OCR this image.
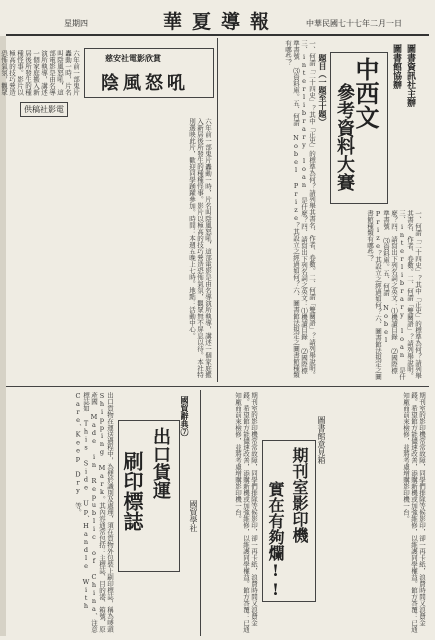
星期四	華夏導報	中華民國七十七年二月一日
圖書資訊社主辦
圖書館協辦
中西文
參考資料大賽
題目（一題至十題）
一、何謂「二十四史」？其中「正史」的標準為何？請列舉其書名、作者、卷數。二、何謂「雙關語」？請列舉說明。三、interlibrary loan 是什麼？四、請寫出下列名詞之英文：⑴機讀目錄 ⑵國際標準書號 ⑶資料庫。五、何謂 Nobel Prize？其設立之經過如何？六、圖書館法規定之圖書館種類有哪些？
一、何謂「二十四史」？其中「正史」的標準為何？請列舉其書名、作者、卷數。二、何謂「雙關語」？請列舉說明。三、interlibrary loan 是什麼？四、請寫出下列名詞之英文：⑴機讀目錄 ⑵國際標準書號 ⑶資料庫。五、何謂 Nobel Prize？其設立之經過如何？六、圖書館法規定之圖書館種類有哪些？
陰風怒吼
慈安社電影欣賞
供稿社影電
六年前一部鬼片轟動一時，片名叫陰風怒吼，這部電影是由名導演所執導，講述一個家庭搬入新居後所發生的種種怪事。影片以極高的技巧營造恐怖氣氛，觀眾無不屏息以待。本社特別選映此片，歡迎同學踴躍參加。時間：本週五晚上七時。地點：活動中心。
六年前一部鬼片轟動一時，片名叫陰風怒吼，這部電影是由名導演所執導，講述一個家庭搬入新居後所發生的種種怪事。影片以極高的技巧營造恐怖氣氛，觀眾
國貿辭典⑦
出口貨運
刷印標誌	國貿學社
出口貨物在運送過程中，為便於識別及處理，須在貨物外包裝上刷印標誌，稱為嘜頭 Shipping Mark。其內容通常包括：主標誌、目的港、箱號、原產國 Made in Republic of China、注意標誌如 This Side Up、Handle With Care、Keep Dry 等。	圖書館意見箱
期刊室影印機
實在有夠爛!!	期刊室的影印機常常故障，同學們排隊等候影印，卻一再卡紙，浪費時間又浪費金錢。希望館方能儘速改善，添購新機或加強維修，以維護同學權益。館方答覆：已通知廠商前來檢修，並將考慮增購影印機一台。
期刊室的影印機常常故障，同學們排隊等候影印，卻一再卡紙，浪費時間又浪費金錢。希望館方能儘速改善，添購新機或加強維修，以維護同學權益。館方答覆：已通知廠商前來檢修，並將考慮增購影印機一台。
